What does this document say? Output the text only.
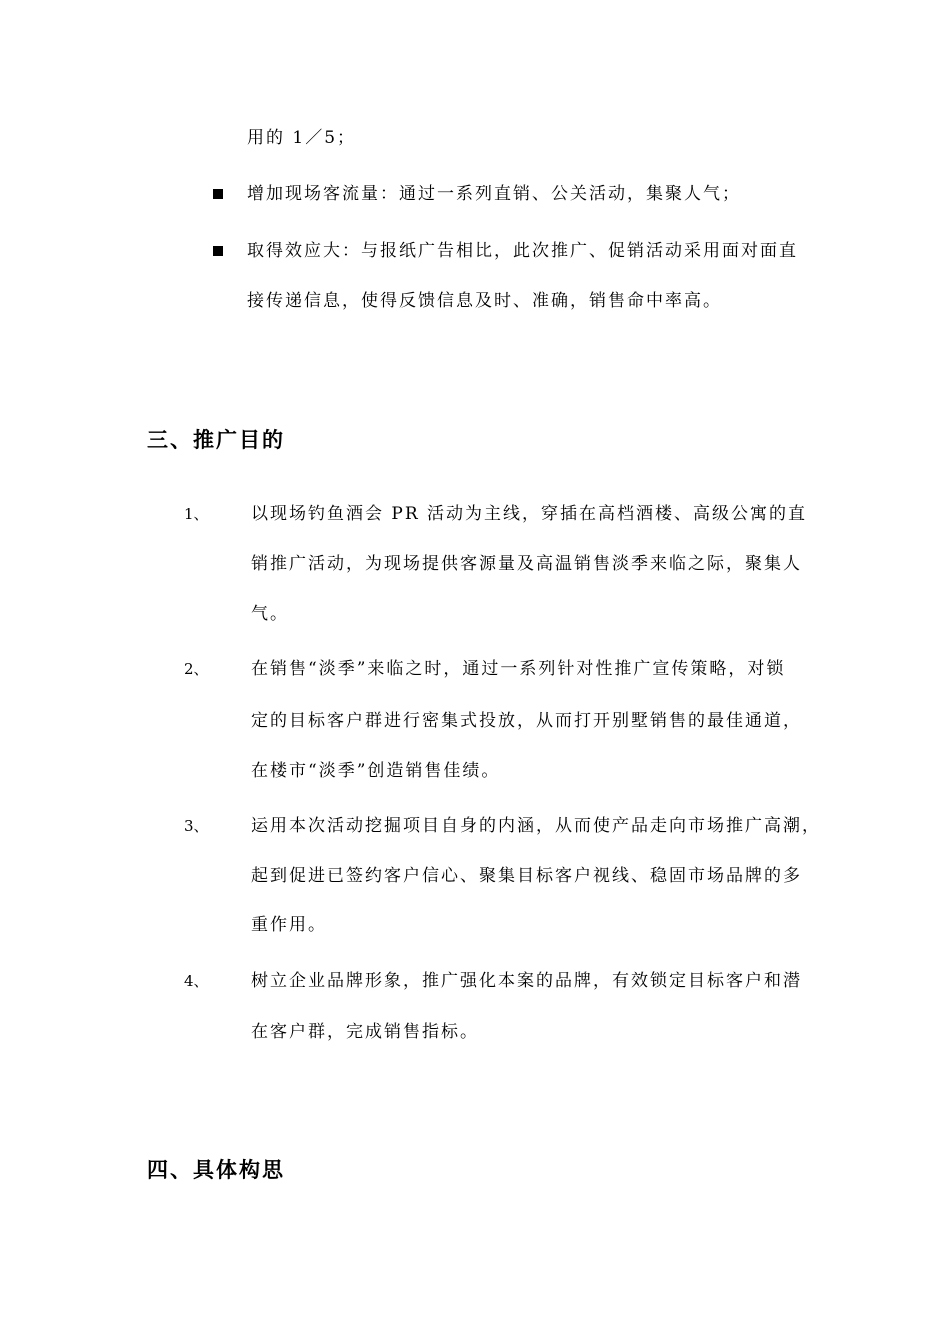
用的 1／5；
增加现场客流量：通过一系列直销、公关活动，集聚人气；
取得效应大：与报纸广告相比，此次推广、促销活动采用面对面直
接传递信息，使得反馈信息及时、准确，销售命中率高。
三、推广目的
1、 以现场钓鱼酒会 PR 活动为主线，穿插在高档酒楼、高级公寓的直
销推广活动，为现场提供客源量及高温销售淡季来临之际，聚集人
气。
2、 在销售“淡季”来临之时，通过一系列针对性推广宣传策略，对锁
定的目标客户群进行密集式投放，从而打开别墅销售的最佳通道，
在楼市“淡季”创造销售佳绩。
3、 运用本次活动挖掘项目自身的内涵，从而使产品走向市场推广高潮，
起到促进已签约客户信心、聚集目标客户视线、稳固市场品牌的多
重作用。
4、 树立企业品牌形象，推广强化本案的品牌，有效锁定目标客户和潜
在客户群，完成销售指标。
四、具体构思
